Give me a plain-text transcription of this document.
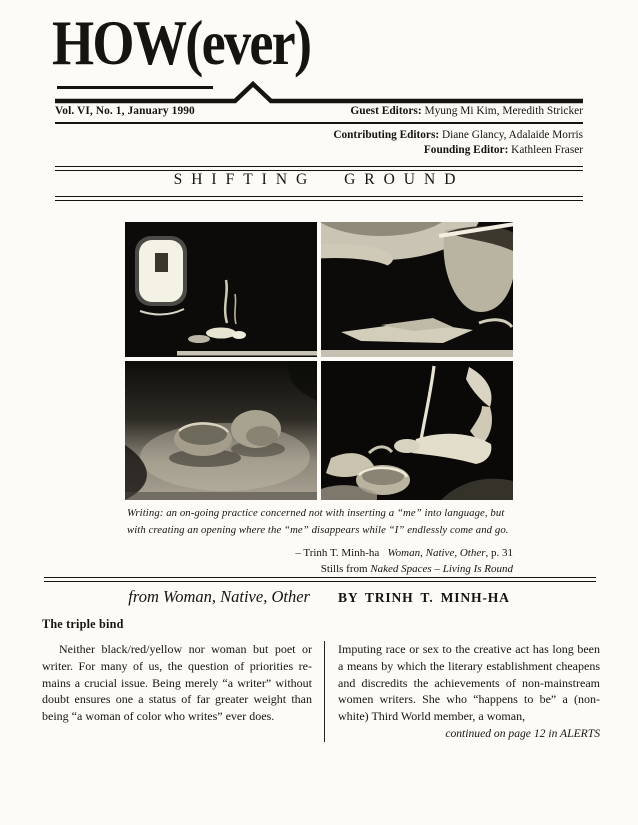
HOW(ever)
Vol. VI, No. 1, January 1990	Guest Editors: Myung Mi Kim, Meredith Stricker
Contributing Editors: Diane Glancy, Adalaide Morris
Founding Editor: Kathleen Fraser
SHIFTING GROUND
Writing: an on-going practice concerned not with inserting a “me” into language, but with creating an opening where the “me” disappears while “I” endlessly come and go.
– Trinh T. Minh-ha Woman, Native, Other, p. 31
Stills from Naked Spaces – Living Is Round
from Woman, Native, Other BY TRINH T. MINH-HA
The triple bind
Neither black/red/yellow nor woman but poet or writer. For many of us, the question of priorities remains a crucial issue. Being merely “a writer” without doubt ensures one a status of far greater weight than being “a woman of color who writes” ever does.
Imputing race or sex to the creative act has long been a means by which the literary establishment cheapens and discredits the achievements of non-mainstream women writers. She who “happens to be” a (non-white) Third World member, a woman,
continued on page 12 in ALERTS
